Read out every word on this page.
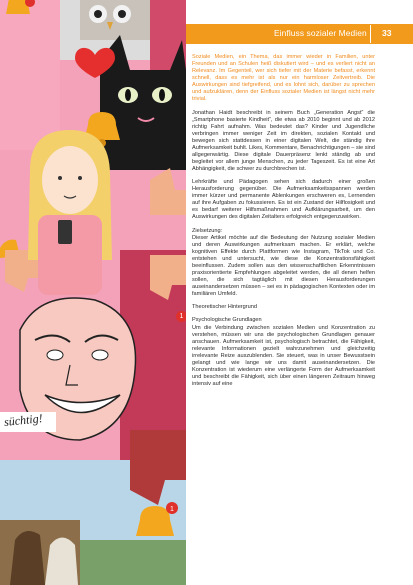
1
süchtig!
1
Einfluss sozialer Medien 33

Soziale Medien, ein Thema, das immer wieder in Familien, unter Freunden und an Schulen heiß diskutiert wird – und es verliert nicht an Relevanz. Im Gegenteil, wer sich tiefer mit der Materie befasst, erkennt schnell, dass es mehr ist als nur ein harmloser Zeitvertreib. Die Auswirkungen sind tiefgreifend, und es lohnt sich, darüber zu sprechen und aufzuklären, denn der Einfluss sozialer Medien ist längst nicht mehr trivial.

Jonathan Haidt beschreibt in seinem Buch „Generation Angst“ die „Smartphone basierte Kindheit“, die etwa ab 2010 beginnt und ab 2012 richtig Fahrt aufnahm. Was bedeutet das? Kinder und Jugendliche verbringen immer weniger Zeit im direkten, sozialen Kontakt und bewegen sich stattdessen in einer digitalen Welt, die ständig ihre Aufmerksamkeit buhlt. Likes, Kommentare, Benachrichtigungen – sie sind allgegenwärtig. Diese digitale Dauerpräsenz lenkt ständig ab und begleitet vor allem junge Menschen, zu jeder Tageszeit. Es ist eine Art Abhängigkeit, die schwer zu durchbrechen ist.

Lehrkräfte und Pädagogen sehen sich dadurch einer großen Herausforderung gegenüber. Die Aufmerksamkeitsspannen werden immer kürzer und permanente Ablenkungen erschweren es, Lernenden auf ihre Aufgaben zu fokussieren. Es ist ein Zustand der Hilflosigkeit und es bedarf weiterer Hilfsmaßnahmen und Aufklärungsarbeit, um den Auswirkungen des digitalen Zeitalters erfolgreich entgegenzuwirken.

Zielsetzung:

Dieser Artikel möchte auf die Bedeutung der Nutzung sozialer Medien und deren Auswirkungen aufmerksam machen. Er erklärt, welche kognitiven Effekte durch Plattformen wie Instagram, TikTok und Co. entstehen und untersucht, wie diese die Konzentrationsfähigkeit beeinflussen. Zudem sollen aus den wissenschaftlichen Erkenntnissen praxisorientierte Empfehlungen abgeleitet werden, die all denen helfen sollen, die sich tagtäglich mit diesen Herausforderungen auseinandersetzen müssen – sei es in pädagogischen Kontexten oder im familiären Umfeld.

Theoretischer Hintergrund

Psychologische Grundlagen

Um die Verbindung zwischen sozialen Medien und Konzentration zu verstehen, müssen wir uns die psychologischen Grundlagen genauer anschauen. Aufmerksamkeit ist, psychologisch betrachtet, die Fähigkeit, relevante Informationen gezielt wahrzunehmen und gleichzeitig irrelevante Reize auszublenden. Sie steuert, was in unser Bewusstsein gelangt und wie lange wir uns damit auseinandersetzen. Die Konzentration ist wiederum eine verlängerte Form der Aufmerksamkeit und beschreibt die Fähigkeit, sich über einen längeren Zeitraum hinweg intensiv auf eine
